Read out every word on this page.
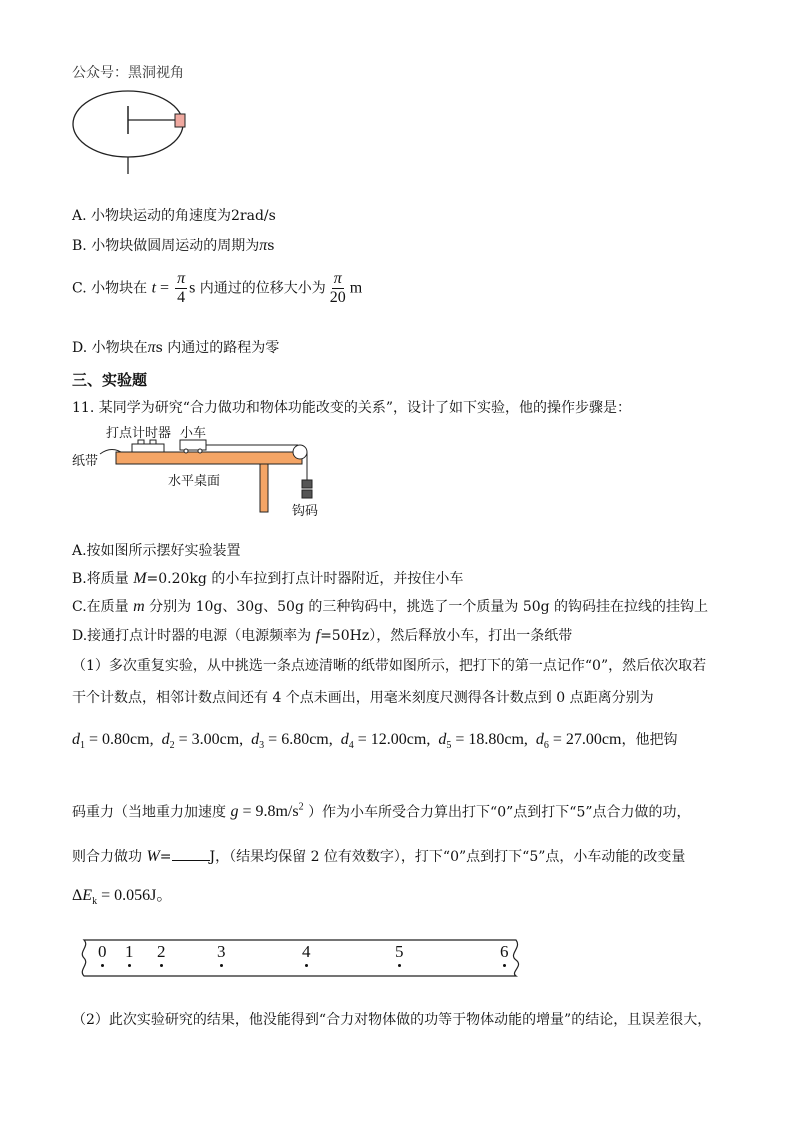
公众号：黑洞视角
A. 小物块运动的角速度为2rad/s
B. 小物块做圆周运动的周期为πs
C. 小物块在 $t = \frac{\pi}{4}$ s 内通过的位移大小为 $\frac{\pi}{20}$ m
D. 小物块在πs 内通过的路程为零
三、实验题
11. 某同学为研究“合力做功和物体功能改变的关系”，设计了如下实验，他的操作步骤是：
打点计时器 小车
纸带
水平桌面
钩码
A.按如图所示摆好实验装置
B.将质量 M=0.20kg 的小车拉到打点计时器附近，并按住小车
C.在质量 m 分别为 10g、30g、50g 的三种钩码中，挑选了一个质量为 50g 的钩码挂在拉线的挂钩上
D.接通打点计时器的电源（电源频率为 f=50Hz），然后释放小车，打出一条纸带
（1）多次重复实验，从中挑选一条点迹清晰的纸带如图所示，把打下的第一点记作“0”，然后依次取若
干个计数点，相邻计数点间还有 4 个点未画出，用毫米刻度尺测得各计数点到 0 点距离分别为
$d_1 = 0.80cm$,  $d_2 = 3.00cm$,  $d_3 = 6.80cm$,  $d_4 = 12.00cm$,  $d_5 = 18.80cm$,  $d_6 = 27.00cm$，他把钩
码重力（当地重力加速度 $g = 9.8m/s^2$ ）作为小车所受合力算出打下“0”点到打下“5”点合力做的功，
则合力做功 W=	J，（结果均保留 2 位有效数字），打下“0”点到打下“5”点，小车动能的改变量
$\Delta E_k = 0.056J$。
0 1 2	3	4	5	6
（2）此次实验研究的结果，他没能得到“合力对物体做的功等于物体动能的增量”的结论，且误差很大，
